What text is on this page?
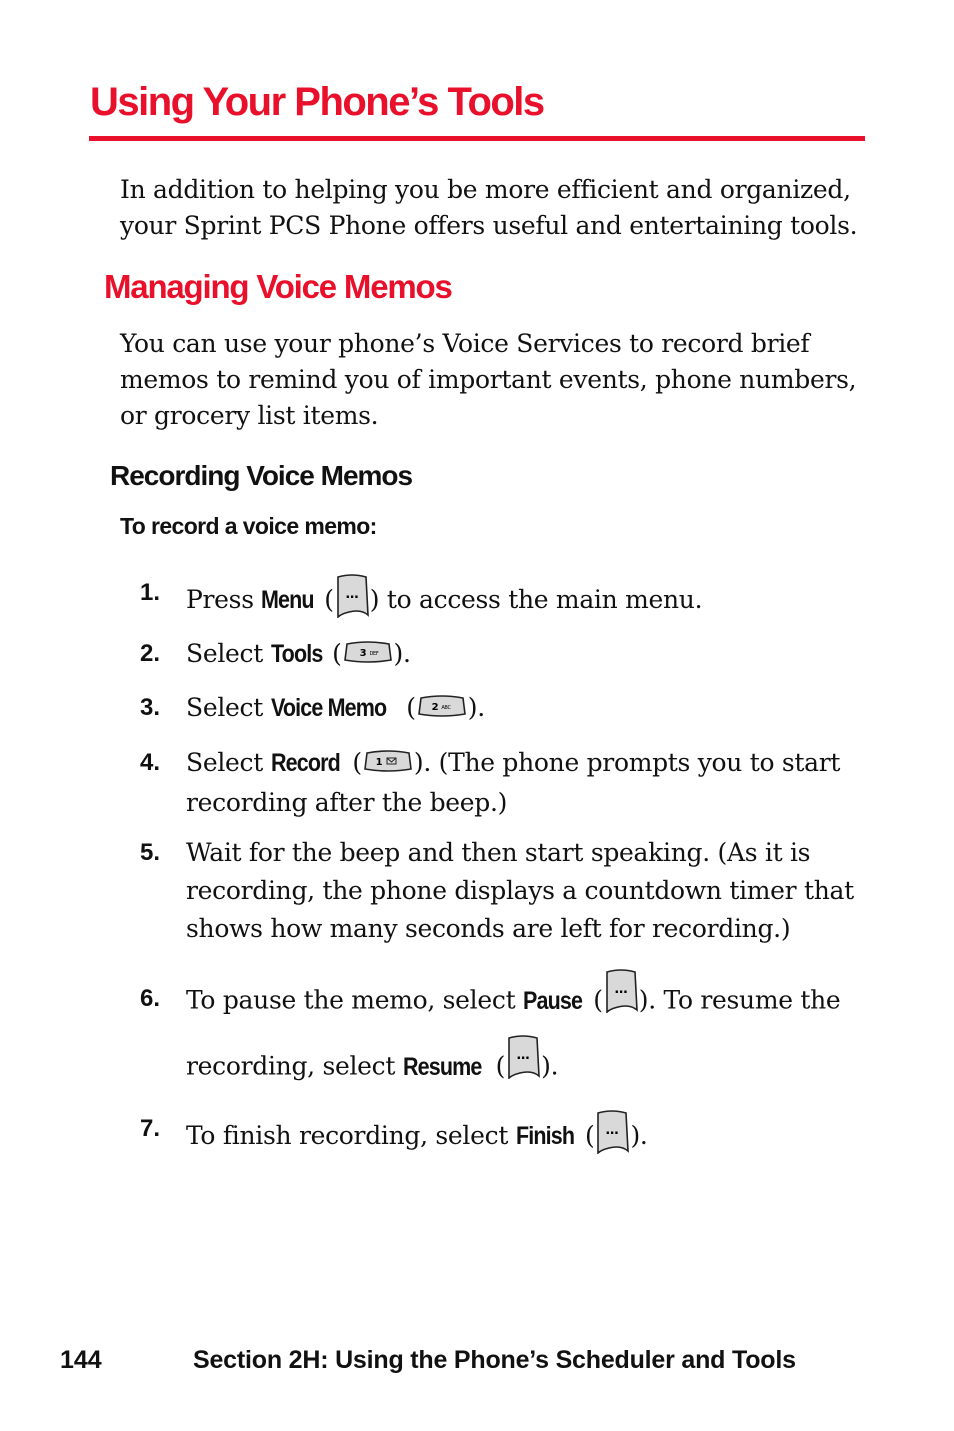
Using Your Phone’s Tools

In addition to helping you be more efficient and organized, your Sprint PCS Phone offers useful and entertaining tools.

Managing Voice Memos

You can use your phone’s Voice Services to record brief memos to remind you of important events, phone numbers, or grocery list items.

Recording Voice Memos
To record a voice memo:
1. Press Menu ( … ) to access the main menu.
2. Select Tools ( 3 DEF ).
3. Select Voice Memo ( 2 ABC ).
4. Select Record ( 1 ). (The phone prompts you to start recording after the beep.)
5. Wait for the beep and then start speaking. (As it is recording, the phone displays a countdown timer that shows how many seconds are left for recording.)
6. To pause the memo, select Pause ( … ). To resume the recording, select Resume ( … ).
7. To finish recording, select Finish ( … ).
144	Section 2H: Using the Phone’s Scheduler and Tools
